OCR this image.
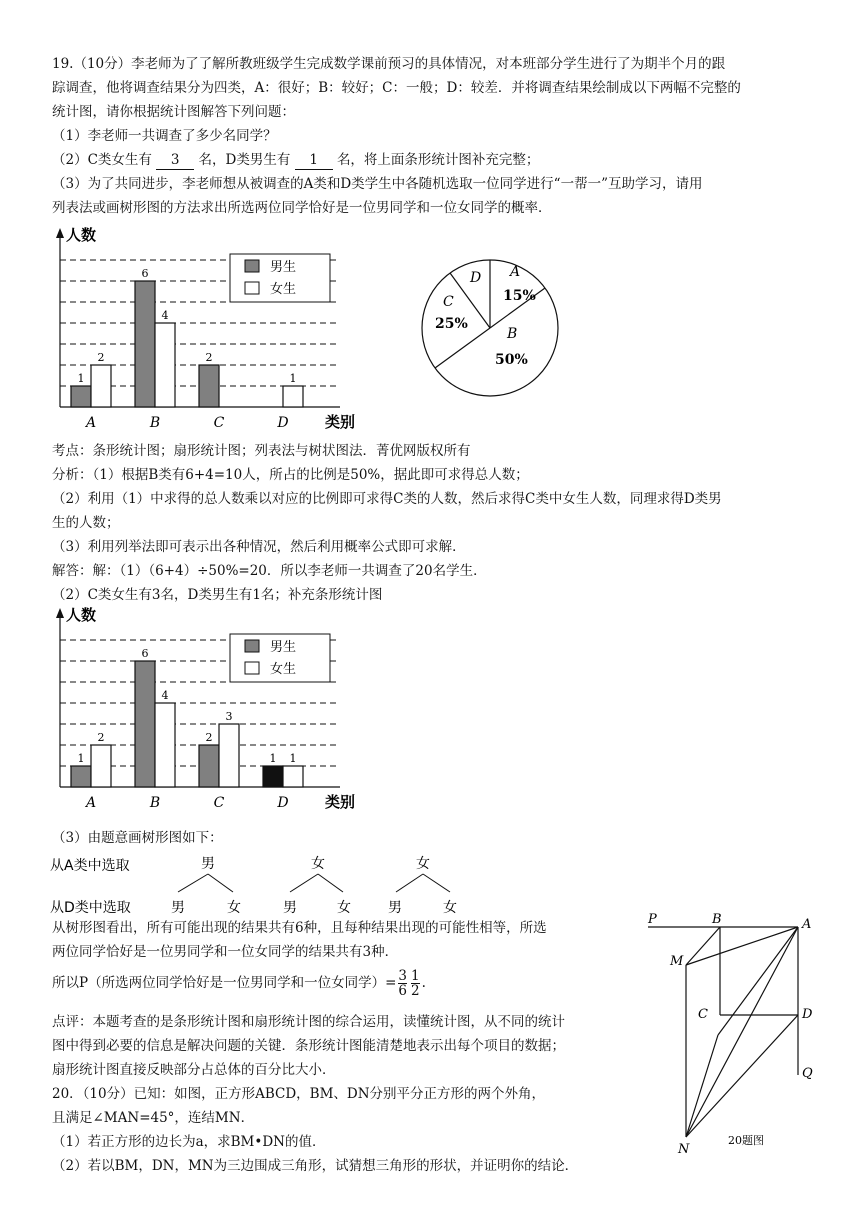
19.（10分）李老师为了了解所教班级学生完成数学课前预习的具体情况，对本班部分学生进行了为期半个月的跟
踪调查，他将调查结果分为四类，A：很好；B：较好；C：一般；D：较差．并将调查结果绘制成以下两幅不完整的
统计图，请你根据统计图解答下列问题：
（1）李老师一共调查了多少名同学？
（2）C类女生有 3 名，D类男生有 1 名，将上面条形统计图补充完整；
（3）为了共同进步，李老师想从被调查的A类和D类学生中各随机选取一位同学进行“一帮一”互助学习，请用
列表法或画树形图的方法求出所选两位同学恰好是一位男同学和一位女同学的概率．
人数
类别
1
2
A
6
4
B
2
C
1
D
男生
女生
A
15%
B
50%
C
25%
D
考点：条形统计图；扇形统计图；列表法与树状图法．菁优网版权所有
分析：（1）根据B类有6+4=10人，所占的比例是50%，据此即可求得总人数；
（2）利用（1）中求得的总人数乘以对应的比例即可求得C类的人数，然后求得C类中女生人数，同理求得D类男
生的人数；
（3）利用列举法即可表示出各种情况，然后利用概率公式即可求解．
解答：解：（1）（6+4）÷50%=20．所以李老师一共调查了20名学生．
（2）C类女生有3名，D类男生有1名；补充条形统计图
人数
类别
1
2
A
6
4
B
2
3
C
1 1
D
男生
女生
（3）由题意画树形图如下：
从A类中选取
从D类中选取
男	女	女
男	女	男	女	男	女
从树形图看出，所有可能出现的结果共有6种，且每种结果出现的可能性相等，所选
两位同学恰好是一位男同学和一位女同学的结果共有3种．
所以P（所选两位同学恰好是一位男同学和一位女同学）= $\frac{3}{6} \frac{1}{2}$ .
点评：本题考查的是条形统计图和扇形统计图的综合运用，读懂统计图，从不同的统计
图中得到必要的信息是解决问题的关键．条形统计图能清楚地表示出每个项目的数据；
扇形统计图直接反映部分占总体的百分比大小．
20．（10分）已知：如图，正方形ABCD，BM、DN分别平分正方形的两个外角，
且满足∠MAN=45°，连结MN．
（1）若正方形的边长为a，求BM•DN的值．
（2）若以BM，DN，MN为三边围成三角形，试猜想三角形的形状，并证明你的结论．
P	B	A
M
C	D
Q
N
20题图
